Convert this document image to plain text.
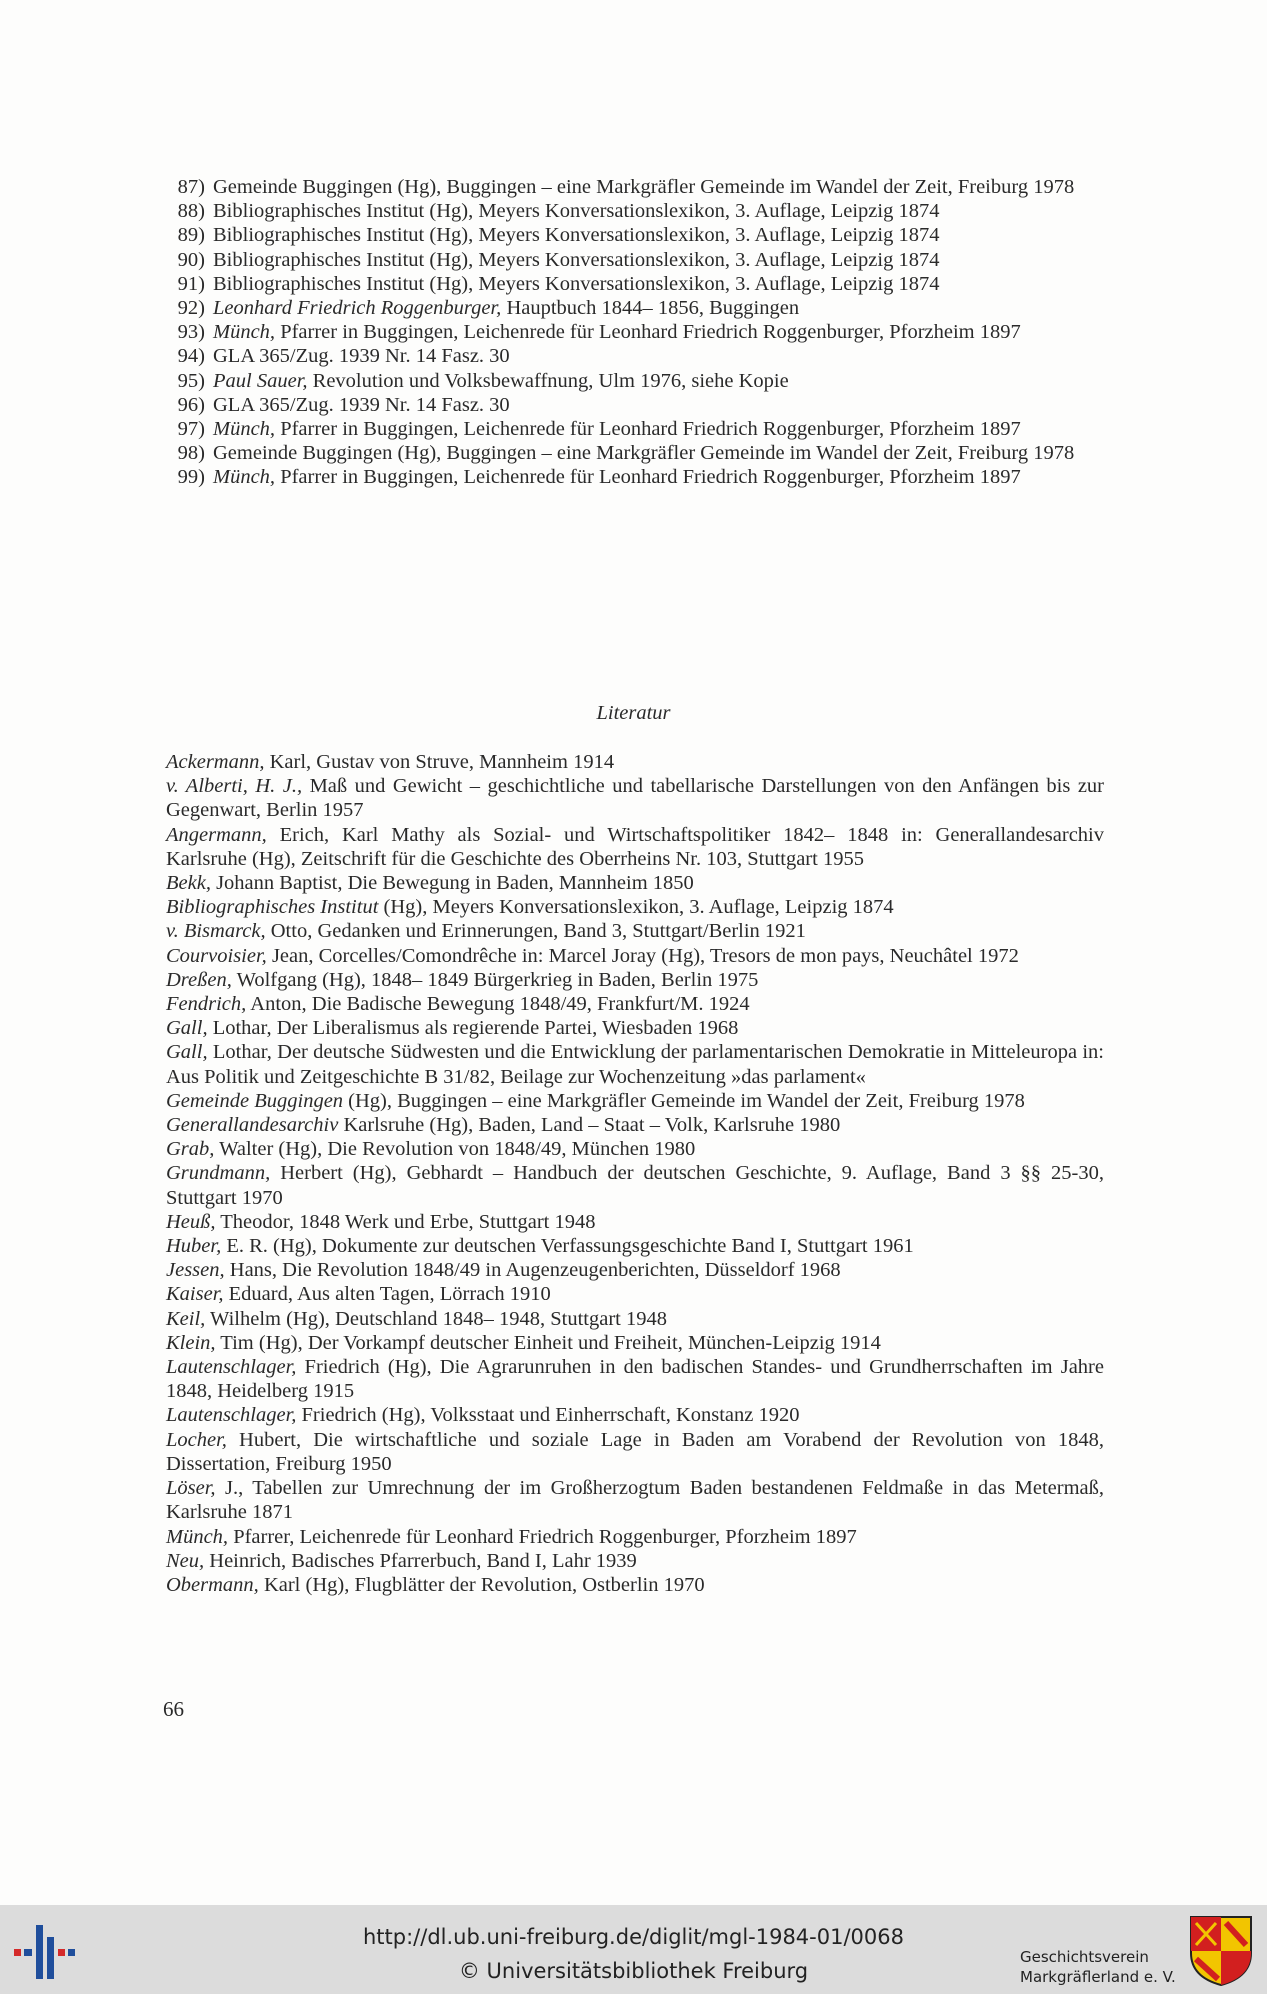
87) Gemeinde Buggingen (Hg), Buggingen – eine Markgräfler Gemeinde im Wandel der Zeit, Freiburg 1978
88) Bibliographisches Institut (Hg), Meyers Konversationslexikon, 3. Auflage, Leipzig 1874
89) Bibliographisches Institut (Hg), Meyers Konversationslexikon, 3. Auflage, Leipzig 1874
90) Bibliographisches Institut (Hg), Meyers Konversationslexikon, 3. Auflage, Leipzig 1874
91) Bibliographisches Institut (Hg), Meyers Konversationslexikon, 3. Auflage, Leipzig 1874
92) Leonhard Friedrich Roggenburger, Hauptbuch 1844– 1856, Buggingen
93) Münch, Pfarrer in Buggingen, Leichenrede für Leonhard Friedrich Roggenburger, Pforzheim 1897
94) GLA 365/Zug. 1939 Nr. 14 Fasz. 30
95) Paul Sauer, Revolution und Volksbewaffnung, Ulm 1976, siehe Kopie
96) GLA 365/Zug. 1939 Nr. 14 Fasz. 30
97) Münch, Pfarrer in Buggingen, Leichenrede für Leonhard Friedrich Roggenburger, Pforzheim 1897
98) Gemeinde Buggingen (Hg), Buggingen – eine Markgräfler Gemeinde im Wandel der Zeit, Freiburg 1978
99) Münch, Pfarrer in Buggingen, Leichenrede für Leonhard Friedrich Roggenburger, Pforzheim 1897
Literatur
Ackermann, Karl, Gustav von Struve, Mannheim 1914
v. Alberti, H. J., Maß und Gewicht – geschichtliche und tabellarische Darstellungen von den Anfängen bis zur Gegenwart, Berlin 1957
Angermann, Erich, Karl Mathy als Sozial- und Wirtschaftspolitiker 1842– 1848 in: Generallandesarchiv Karlsruhe (Hg), Zeitschrift für die Geschichte des Oberrheins Nr. 103, Stuttgart 1955
Bekk, Johann Baptist, Die Bewegung in Baden, Mannheim 1850
Bibliographisches Institut (Hg), Meyers Konversationslexikon, 3. Auflage, Leipzig 1874
v. Bismarck, Otto, Gedanken und Erinnerungen, Band 3, Stuttgart/Berlin 1921
Courvoisier, Jean, Corcelles/Comondrêche in: Marcel Joray (Hg), Tresors de mon pays, Neuchâtel 1972
Dreßen, Wolfgang (Hg), 1848– 1849 Bürgerkrieg in Baden, Berlin 1975
Fendrich, Anton, Die Badische Bewegung 1848/49, Frankfurt/M. 1924
Gall, Lothar, Der Liberalismus als regierende Partei, Wiesbaden 1968
Gall, Lothar, Der deutsche Südwesten und die Entwicklung der parlamentarischen Demokratie in Mitteleuropa in: Aus Politik und Zeitgeschichte B 31/82, Beilage zur Wochenzeitung »das parlament«
Gemeinde Buggingen (Hg), Buggingen – eine Markgräfler Gemeinde im Wandel der Zeit, Freiburg 1978
Generallandesarchiv Karlsruhe (Hg), Baden, Land – Staat – Volk, Karlsruhe 1980
Grab, Walter (Hg), Die Revolution von 1848/49, München 1980
Grundmann, Herbert (Hg), Gebhardt – Handbuch der deutschen Geschichte, 9. Auflage, Band 3 §§ 25-30, Stuttgart 1970
Heuß, Theodor, 1848 Werk und Erbe, Stuttgart 1948
Huber, E. R. (Hg), Dokumente zur deutschen Verfassungsgeschichte Band I, Stuttgart 1961
Jessen, Hans, Die Revolution 1848/49 in Augenzeugenberichten, Düsseldorf 1968
Kaiser, Eduard, Aus alten Tagen, Lörrach 1910
Keil, Wilhelm (Hg), Deutschland 1848– 1948, Stuttgart 1948
Klein, Tim (Hg), Der Vorkampf deutscher Einheit und Freiheit, München-Leipzig 1914
Lautenschlager, Friedrich (Hg), Die Agrarunruhen in den badischen Standes- und Grundherrschaften im Jahre 1848, Heidelberg 1915
Lautenschlager, Friedrich (Hg), Volksstaat und Einherrschaft, Konstanz 1920
Locher, Hubert, Die wirtschaftliche und soziale Lage in Baden am Vorabend der Revolution von 1848, Dissertation, Freiburg 1950
Löser, J., Tabellen zur Umrechnung der im Großherzogtum Baden bestandenen Feldmaße in das Metermaß, Karlsruhe 1871
Münch, Pfarrer, Leichenrede für Leonhard Friedrich Roggenburger, Pforzheim 1897
Neu, Heinrich, Badisches Pfarrerbuch, Band I, Lahr 1939
Obermann, Karl (Hg), Flugblätter der Revolution, Ostberlin 1970
66
http://dl.ub.uni-freiburg.de/diglit/mgl-1984-01/0068
© Universitätsbibliothek Freiburg
Geschichtsverein
Markgräflerland e. V.
